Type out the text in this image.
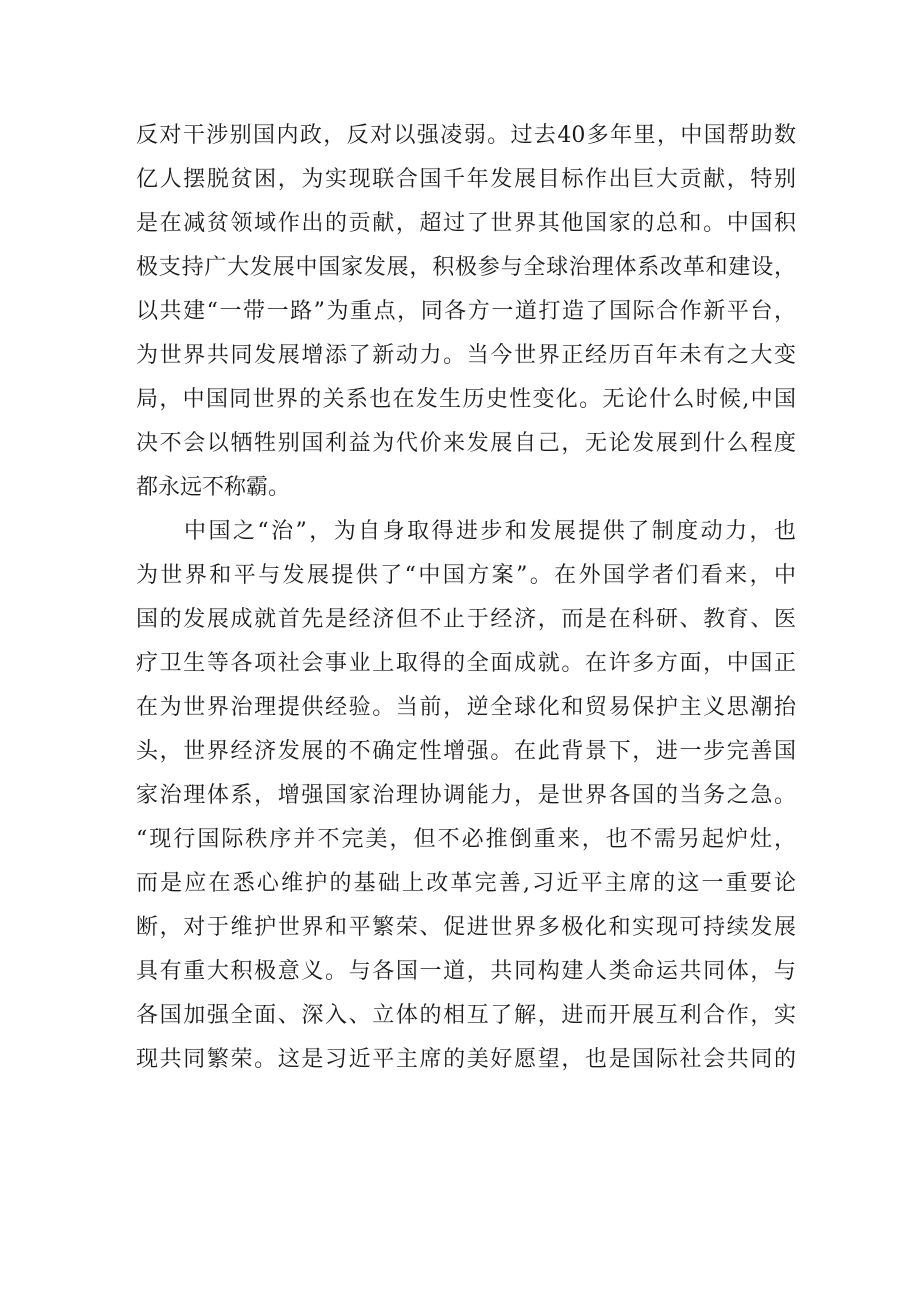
反对干涉别国内政，反对以强凌弱。过去40多年里，中国帮助数
亿人摆脱贫困，为实现联合国千年发展目标作出巨大贡献，特别
是在减贫领域作出的贡献，超过了世界其他国家的总和。中国积
极支持广大发展中国家发展，积极参与全球治理体系改革和建设，
以共建“一带一路”为重点，同各方一道打造了国际合作新平台，
为世界共同发展增添了新动力。当今世界正经历百年未有之大变
局，中国同世界的关系也在发生历史性变化。无论什么时候,中国
决不会以牺牲别国利益为代价来发展自己，无论发展到什么程度
都永远不称霸。
中国之“治”，为自身取得进步和发展提供了制度动力，也
为世界和平与发展提供了“中国方案”。在外国学者们看来，中
国的发展成就首先是经济但不止于经济，而是在科研、教育、医
疗卫生等各项社会事业上取得的全面成就。在许多方面，中国正
在为世界治理提供经验。当前，逆全球化和贸易保护主义思潮抬
头，世界经济发展的不确定性增强。在此背景下，进一步完善国
家治理体系，增强国家治理协调能力，是世界各国的当务之急。
“现行国际秩序并不完美，但不必推倒重来，也不需另起炉灶，
而是应在悉心维护的基础上改革完善,习近平主席的这一重要论
断，对于维护世界和平繁荣、促进世界多极化和实现可持续发展
具有重大积极意义。与各国一道，共同构建人类命运共同体，与
各国加强全面、深入、立体的相互了解，进而开展互利合作，实
现共同繁荣。这是习近平主席的美好愿望，也是国际社会共同的
